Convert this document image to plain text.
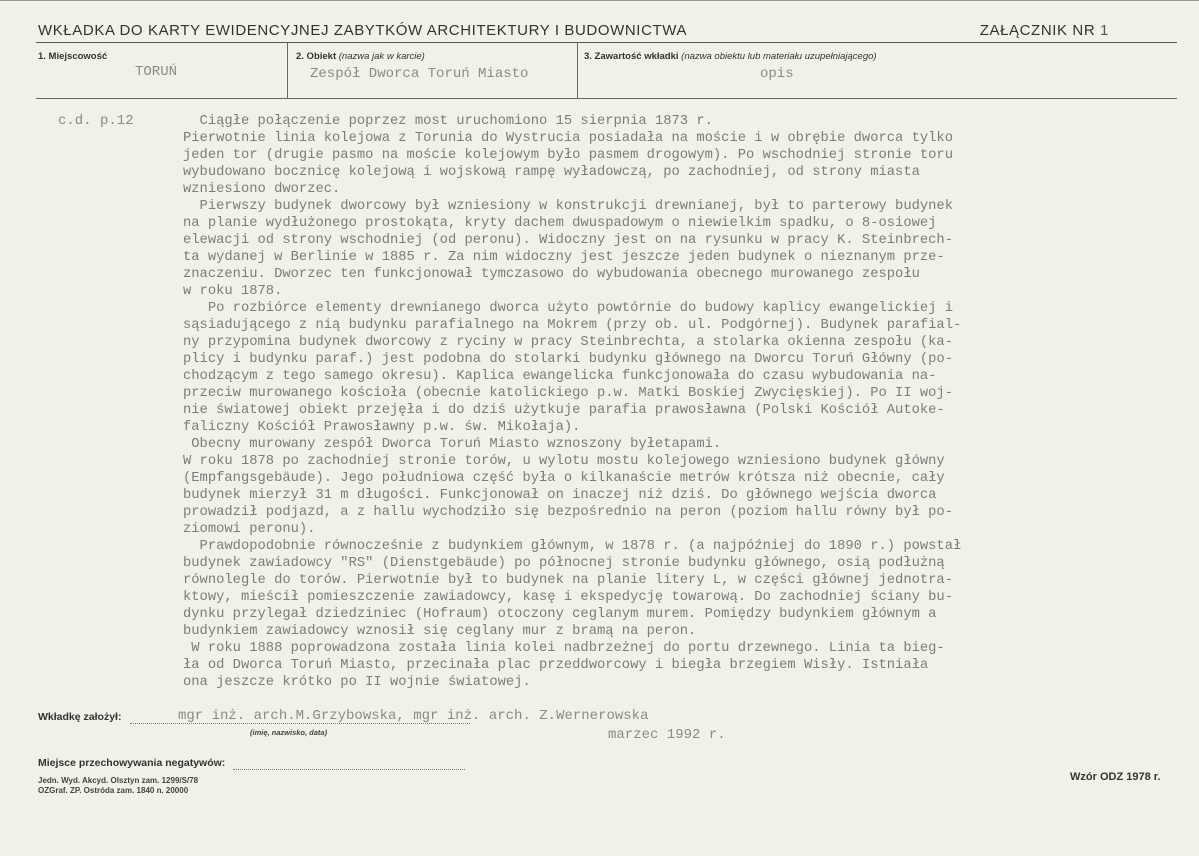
WKŁADKA DO KARTY EWIDENCYJNEJ ZABYTKÓW ARCHITEKTURY I BUDOWNICTWA	ZAŁĄCZNIK NR 1
1. Miejscowość
TORUŃ
2. Obiekt (nazwa jak w karcie)
Zespół Dworca Toruń Miasto
3. Zawartość wkładki (nazwa obiektu lub materiału uzupełniającego)
opis
c.d. p.12	Ciągłe połączenie poprzez most uruchomiono 15 sierpnia 1873 r.
Pierwotnie linia kolejowa z Torunia do Wystrucia posiadała na moście i w obrębie dworca tylko
jeden tor (drugie pasmo na moście kolejowym było pasmem drogowym). Po wschodniej stronie toru
wybudowano bocznicę kolejową i wojskową rampę wyładowczą, po zachodniej, od strony miasta
wzniesiono dworzec.
Pierwszy budynek dworcowy był wzniesiony w konstrukcji drewnianej, był to parterowy budynek
na planie wydłużonego prostokąta, kryty dachem dwuspadowym o niewielkim spadku, o 8-osiowej
elewacji od strony wschodniej (od peronu). Widoczny jest on na rysunku w pracy K. Steinbrech-
ta wydanej w Berlinie w 1885 r. Za nim widoczny jest jeszcze jeden budynek o nieznanym prze-
znaczeniu. Dworzec ten funkcjonował tymczasowo do wybudowania obecnego murowanego zespołu
w roku 1878.
Po rozbiórce elementy drewnianego dworca użyto powtórnie do budowy kaplicy ewangelickiej i
sąsiadującego z nią budynku parafialnego na Mokrem (przy ob. ul. Podgórnej). Budynek parafial-
ny przypomina budynek dworcowy z ryciny w pracy Steinbrechta, a stolarka okienna zespołu (ka-
plicy i budynku paraf.) jest podobna do stolarki budynku głównego na Dworcu Toruń Główny (po-
chodzącym z tego samego okresu). Kaplica ewangelicka funkcjonowała do czasu wybudowania na-
przeciw murowanego kościoła (obecnie katolickiego p.w. Matki Boskiej Zwycięskiej). Po II woj-
nie światowej obiekt przejęła i do dziś użytkuje parafia prawosławna (Polski Kościół Autoke-
faliczny Kościół Prawosławny p.w. św. Mikołaja).
Obecny murowany zespół Dworca Toruń Miasto wznoszony byłetapami.
W roku 1878 po zachodniej stronie torów, u wylotu mostu kolejowego wzniesiono budynek główny
(Empfangsgebäude). Jego południowa część była o kilkanaście metrów krótsza niż obecnie, cały
budynek mierzył 31 m długości. Funkcjonował on inaczej niż dziś. Do głównego wejścia dworca
prowadził podjazd, a z hallu wychodziło się bezpośrednio na peron (poziom hallu równy był po-
ziomowi peronu).
Prawdopodobnie równocześnie z budynkiem głównym, w 1878 r. (a najpóźniej do 1890 r.) powstał
budynek zawiadowcy "RS" (Dienstgebäude) po północnej stronie budynku głównego, osią podłużną
równolegle do torów. Pierwotnie był to budynek na planie litery L, w części głównej jednotra-
ktowy, mieścił pomieszczenie zawiadowcy, kasę i ekspedycję towarową. Do zachodniej ściany bu-
dynku przylegał dziedziniec (Hofraum) otoczony ceglanym murem. Pomiędzy budynkiem głównym a
budynkiem zawiadowcy wznosił się ceglany mur z bramą na peron.
W roku 1888 poprowadzona została linia kolei nadbrzeżnej do portu drzewnego. Linia ta bieg-
ła od Dworca Toruń Miasto, przecinała plac przeddworcowy i biegła brzegiem Wisły. Istniała
ona jeszcze krótko po II wojnie światowej.
Wkładkę założył:	mgr inż. arch.M.Grzybowska, mgr inż. arch. Z.Wernerowska
(imię, nazwisko, data)	marzec 1992 r.
Miejsce przechowywania negatywów:
Jedn. Wyd. Akcyd. Olsztyn zam. 1299/S/78
OZGraf. ZP. Ostróda zam. 1840 n. 20000
Wzór ODZ 1978 r.
